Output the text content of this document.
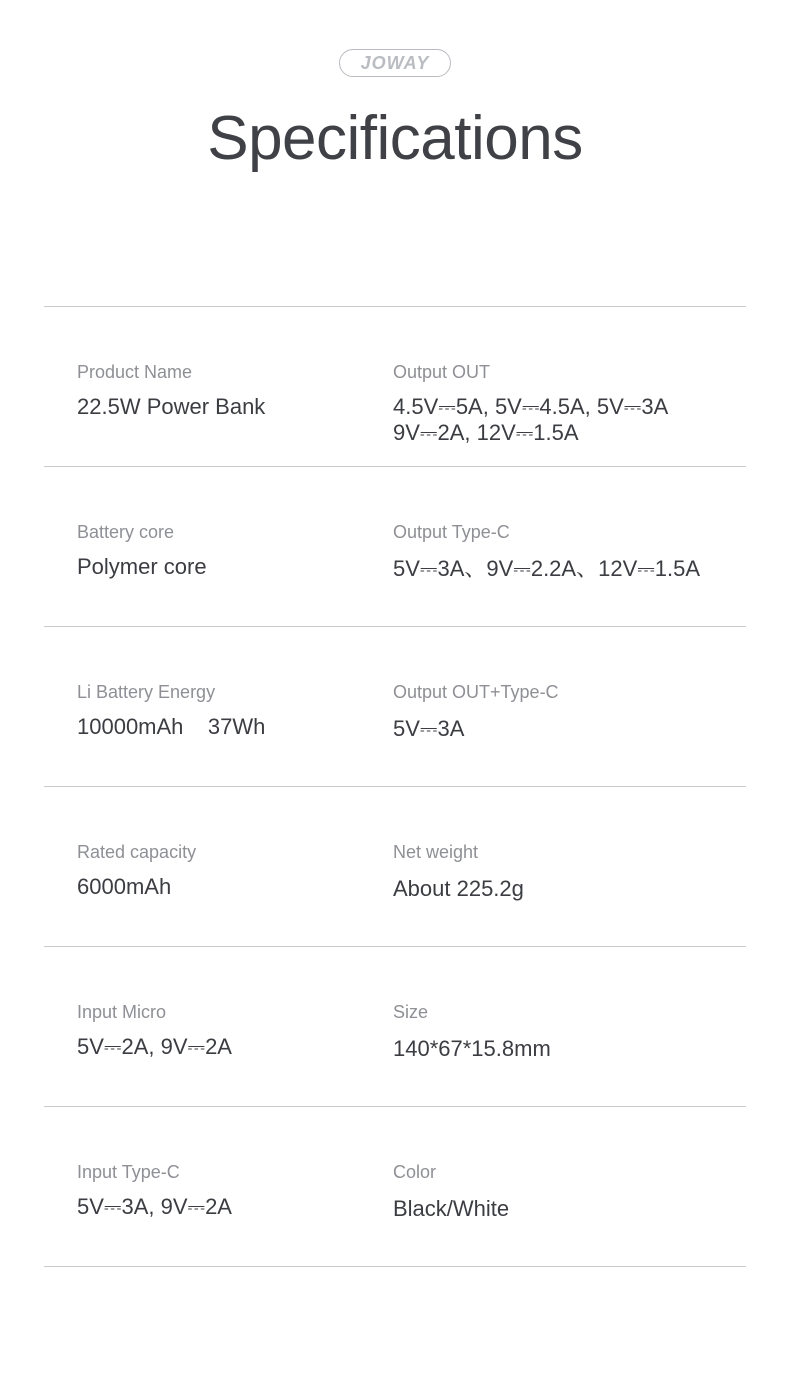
JOWAY
Specifications
Product Name
22.5W Power Bank
Output OUT
4.5V⎓5A, 5V⎓4.5A, 5V⎓3A
9V⎓2A, 12V⎓1.5A
Battery core
Polymer core
Output Type-C
5V⎓3A、9V⎓2.2A、12V⎓1.5A
Li Battery Energy
10000mAh    37Wh
Output OUT+Type-C
5V⎓3A
Rated capacity
6000mAh
Net weight
About 225.2g
Input Micro
5V⎓2A, 9V⎓2A
Size
140*67*15.8mm
Input Type-C
5V⎓3A, 9V⎓2A
Color
Black/White
